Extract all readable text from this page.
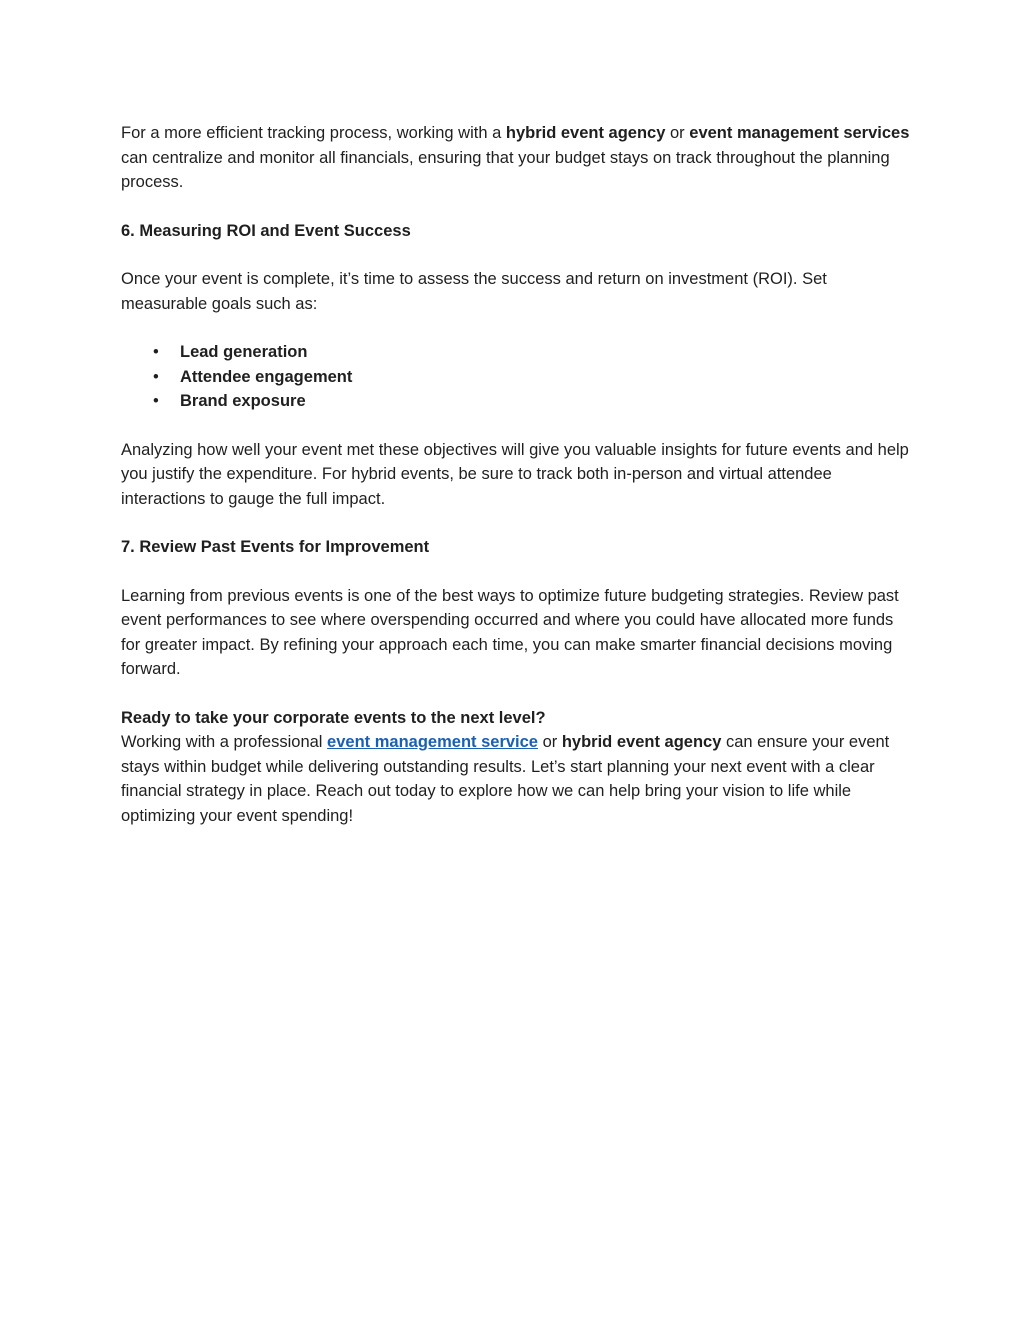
For a more efficient tracking process, working with a hybrid event agency or event management services can centralize and monitor all financials, ensuring that your budget stays on track throughout the planning process.

6. Measuring ROI and Event Success

Once your event is complete, it’s time to assess the success and return on investment (ROI). Set measurable goals such as:

• Lead generation
• Attendee engagement
• Brand exposure

Analyzing how well your event met these objectives will give you valuable insights for future events and help you justify the expenditure. For hybrid events, be sure to track both in-person and virtual attendee interactions to gauge the full impact.

7. Review Past Events for Improvement

Learning from previous events is one of the best ways to optimize future budgeting strategies. Review past event performances to see where overspending occurred and where you could have allocated more funds for greater impact. By refining your approach each time, you can make smarter financial decisions moving forward.

Ready to take your corporate events to the next level?
Working with a professional event management service or hybrid event agency can ensure your event stays within budget while delivering outstanding results. Let’s start planning your next event with a clear financial strategy in place. Reach out today to explore how we can help bring your vision to life while optimizing your event spending!
